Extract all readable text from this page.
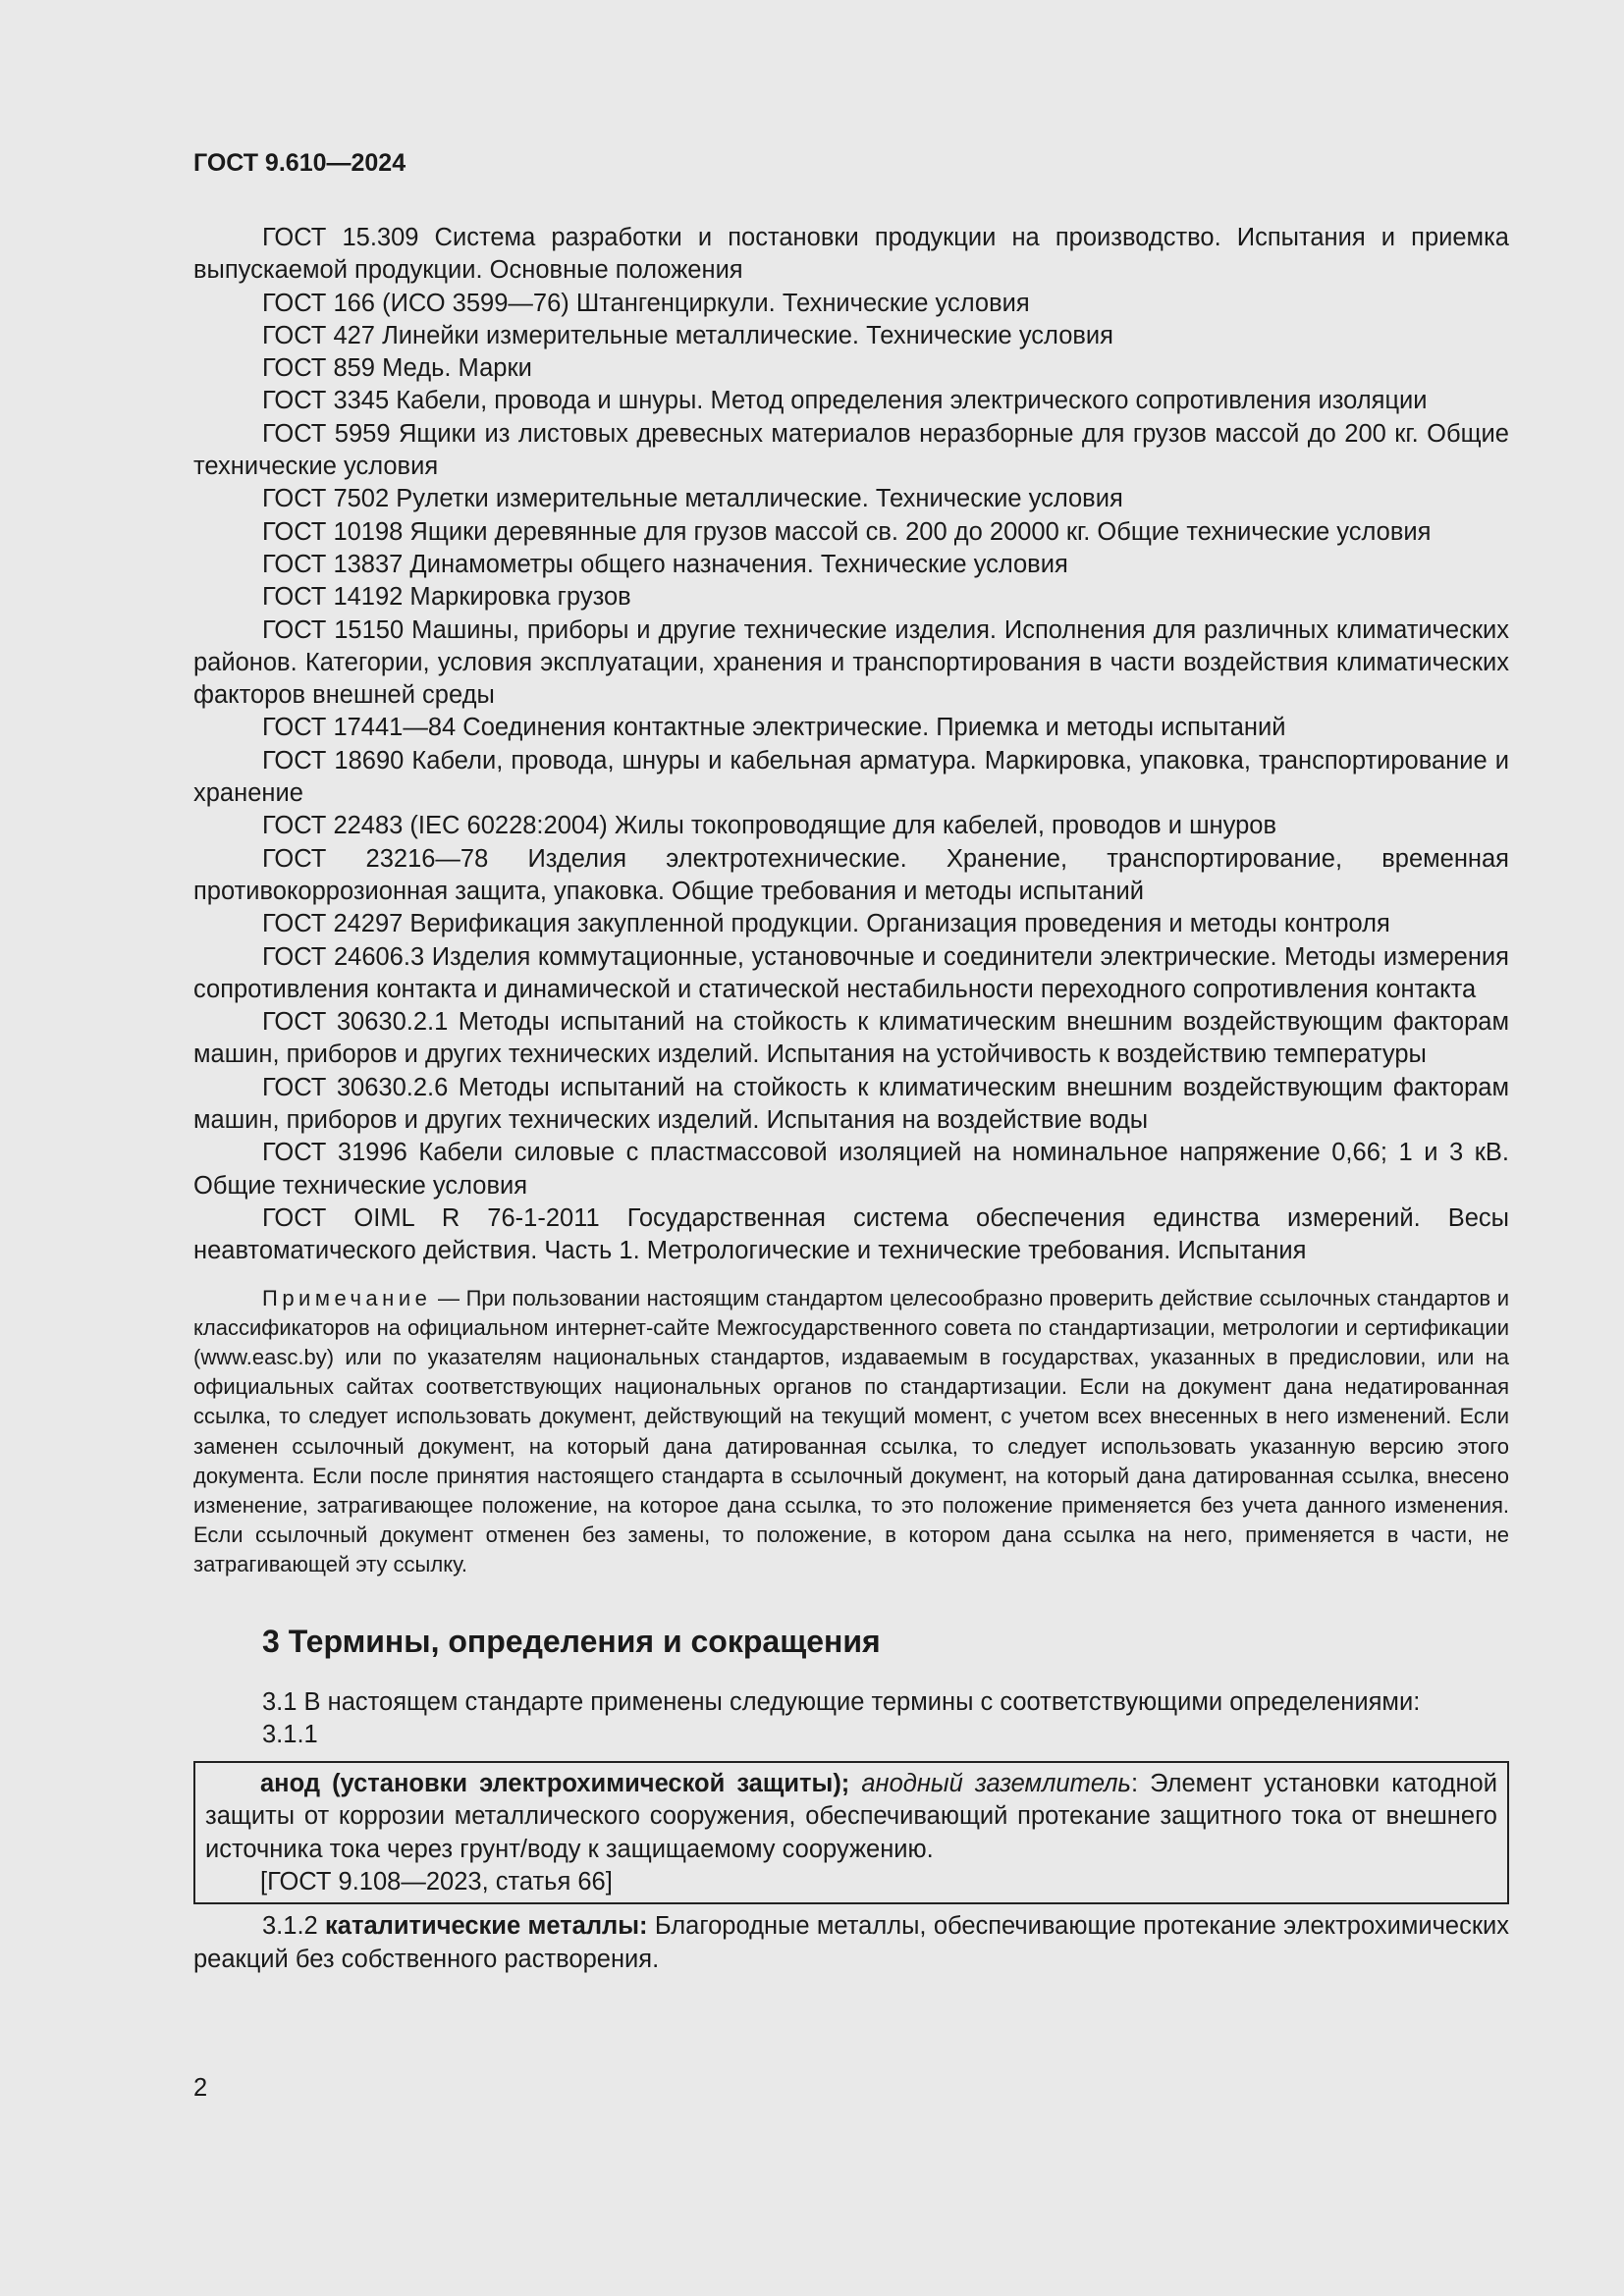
ГОСТ 9.610—2024

ГОСТ 15.309 Система разработки и постановки продукции на производство. Испытания и приемка выпускаемой продукции. Основные положения

ГОСТ 166 (ИСО 3599—76) Штангенциркули. Технические условия

ГОСТ 427 Линейки измерительные металлические. Технические условия

ГОСТ 859 Медь. Марки

ГОСТ 3345 Кабели, провода и шнуры. Метод определения электрического сопротивления изоляции

ГОСТ 5959 Ящики из листовых древесных материалов неразборные для грузов массой до 200 кг. Общие технические условия

ГОСТ 7502 Рулетки измерительные металлические. Технические условия

ГОСТ 10198 Ящики деревянные для грузов массой св. 200 до 20000 кг. Общие технические условия

ГОСТ 13837 Динамометры общего назначения. Технические условия

ГОСТ 14192 Маркировка грузов

ГОСТ 15150 Машины, приборы и другие технические изделия. Исполнения для различных климатических районов. Категории, условия эксплуатации, хранения и транспортирования в части воздействия климатических факторов внешней среды

ГОСТ 17441—84 Соединения контактные электрические. Приемка и методы испытаний

ГОСТ 18690 Кабели, провода, шнуры и кабельная арматура. Маркировка, упаковка, транспортирование и хранение

ГОСТ 22483 (IEC 60228:2004) Жилы токопроводящие для кабелей, проводов и шнуров

ГОСТ 23216—78 Изделия электротехнические. Хранение, транспортирование, временная противокоррозионная защита, упаковка. Общие требования и методы испытаний

ГОСТ 24297 Верификация закупленной продукции. Организация проведения и методы контроля

ГОСТ 24606.3 Изделия коммутационные, установочные и соединители электрические. Методы измерения сопротивления контакта и динамической и статической нестабильности переходного сопротивления контакта

ГОСТ 30630.2.1 Методы испытаний на стойкость к климатическим внешним воздействующим факторам машин, приборов и других технических изделий. Испытания на устойчивость к воздействию температуры

ГОСТ 30630.2.6 Методы испытаний на стойкость к климатическим внешним воздействующим факторам машин, приборов и других технических изделий. Испытания на воздействие воды

ГОСТ 31996 Кабели силовые с пластмассовой изоляцией на номинальное напряжение 0,66; 1 и 3 кВ. Общие технические условия

ГОСТ OIML R 76-1-2011 Государственная система обеспечения единства измерений. Весы неавтоматического действия. Часть 1. Метрологические и технические требования. Испытания

Примечание — При пользовании настоящим стандартом целесообразно проверить действие ссылочных стандартов и классификаторов на официальном интернет-сайте Межгосударственного совета по стандартизации, метрологии и сертификации (www.easc.by) или по указателям национальных стандартов, издаваемым в государствах, указанных в предисловии, или на официальных сайтах соответствующих национальных органов по стандартизации. Если на документ дана недатированная ссылка, то следует использовать документ, действующий на текущий момент, с учетом всех внесенных в него изменений. Если заменен ссылочный документ, на который дана датированная ссылка, то следует использовать указанную версию этого документа. Если после принятия настоящего стандарта в ссылочный документ, на который дана датированная ссылка, внесено изменение, затрагивающее положение, на которое дана ссылка, то это положение применяется без учета данного изменения. Если ссылочный документ отменен без замены, то положение, в котором дана ссылка на него, применяется в части, не затрагивающей эту ссылку.
3 Термины, определения и сокращения

3.1 В настоящем стандарте применены следующие термины с соответствующими определениями:

3.1.1

анод (установки электрохимической защиты); анодный заземлитель: Элемент установки катодной защиты от коррозии металлического сооружения, обеспечивающий протекание защитного тока от внешнего источника тока через грунт/воду к защищаемому сооружению.

[ГОСТ 9.108—2023, статья 66]

3.1.2 каталитические металлы: Благородные металлы, обеспечивающие протекание электрохимических реакций без собственного растворения.

2
